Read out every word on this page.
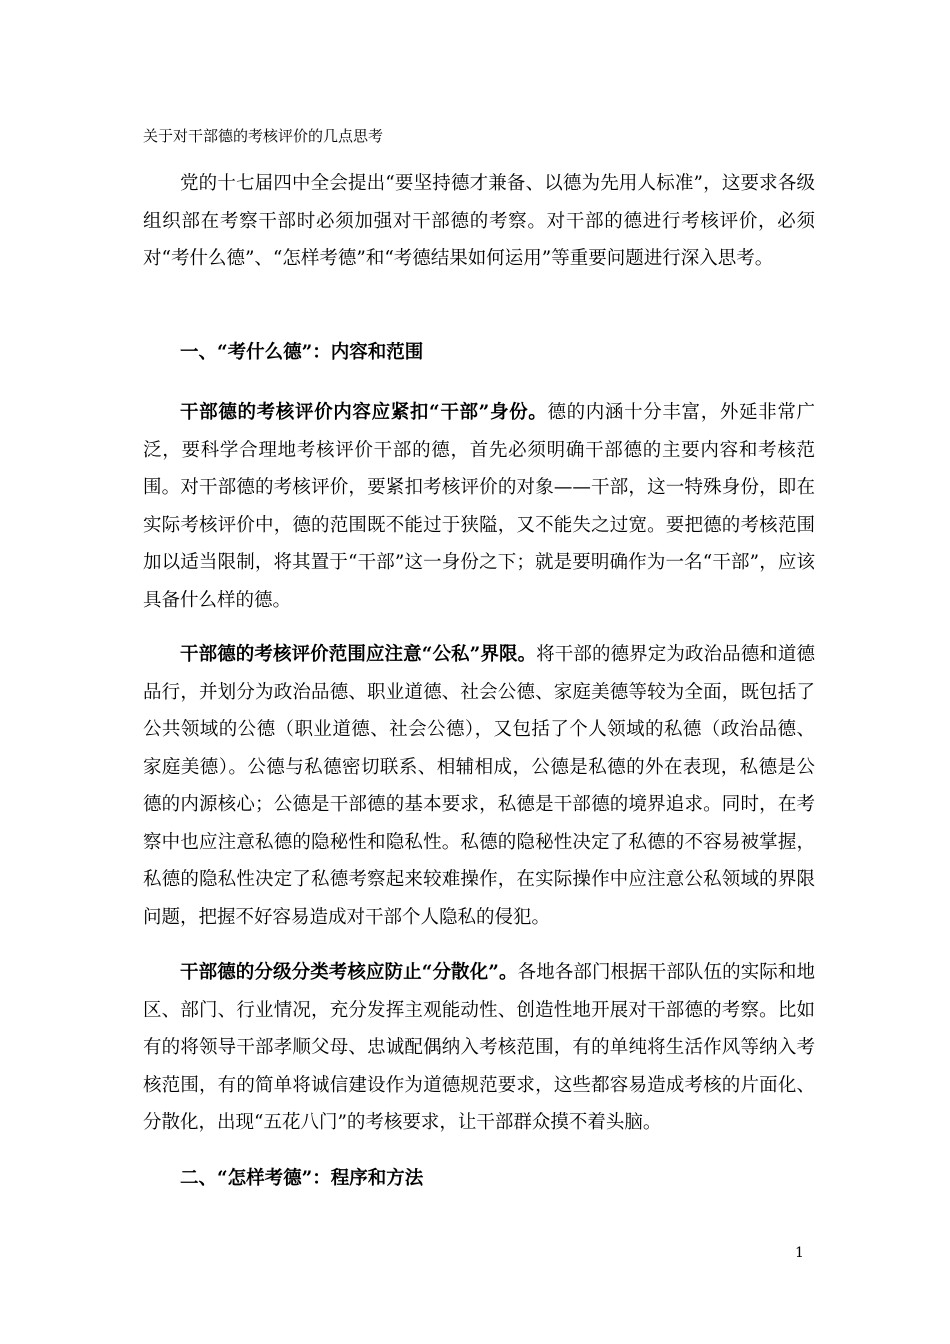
关于对干部德的考核评价的几点思考

党的十七届四中全会提出“要坚持德才兼备、以德为先用人标准”，这要求各级组织部在考察干部时必须加强对干部德的考察。对干部的德进行考核评价，必须对“考什么德”、“怎样考德”和“考德结果如何运用”等重要问题进行深入思考。

一、“考什么德”：内容和范围

干部德的考核评价内容应紧扣“干部”身份。德的内涵十分丰富，外延非常广泛，要科学合理地考核评价干部的德，首先必须明确干部德的主要内容和考核范围。对干部德的考核评价，要紧扣考核评价的对象——干部，这一特殊身份，即在实际考核评价中，德的范围既不能过于狭隘，又不能失之过宽。要把德的考核范围加以适当限制，将其置于“干部”这一身份之下；就是要明确作为一名“干部”，应该具备什么样的德。

干部德的考核评价范围应注意“公私”界限。将干部的德界定为政治品德和道德品行，并划分为政治品德、职业道德、社会公德、家庭美德等较为全面，既包括了公共领域的公德（职业道德、社会公德），又包括了个人领域的私德（政治品德、家庭美德）。公德与私德密切联系、相辅相成，公德是私德的外在表现，私德是公德的内源核心；公德是干部德的基本要求，私德是干部德的境界追求。同时，在考察中也应注意私德的隐秘性和隐私性。私德的隐秘性决定了私德的不容易被掌握，私德的隐私性决定了私德考察起来较难操作，在实际操作中应注意公私领域的界限问题，把握不好容易造成对干部个人隐私的侵犯。

干部德的分级分类考核应防止“分散化”。各地各部门根据干部队伍的实际和地区、部门、行业情况，充分发挥主观能动性、创造性地开展对干部德的考察。比如有的将领导干部孝顺父母、忠诚配偶纳入考核范围，有的单纯将生活作风等纳入考核范围，有的简单将诚信建设作为道德规范要求，这些都容易造成考核的片面化、分散化，出现“五花八门”的考核要求，让干部群众摸不着头脑。

二、“怎样考德”：程序和方法

1
